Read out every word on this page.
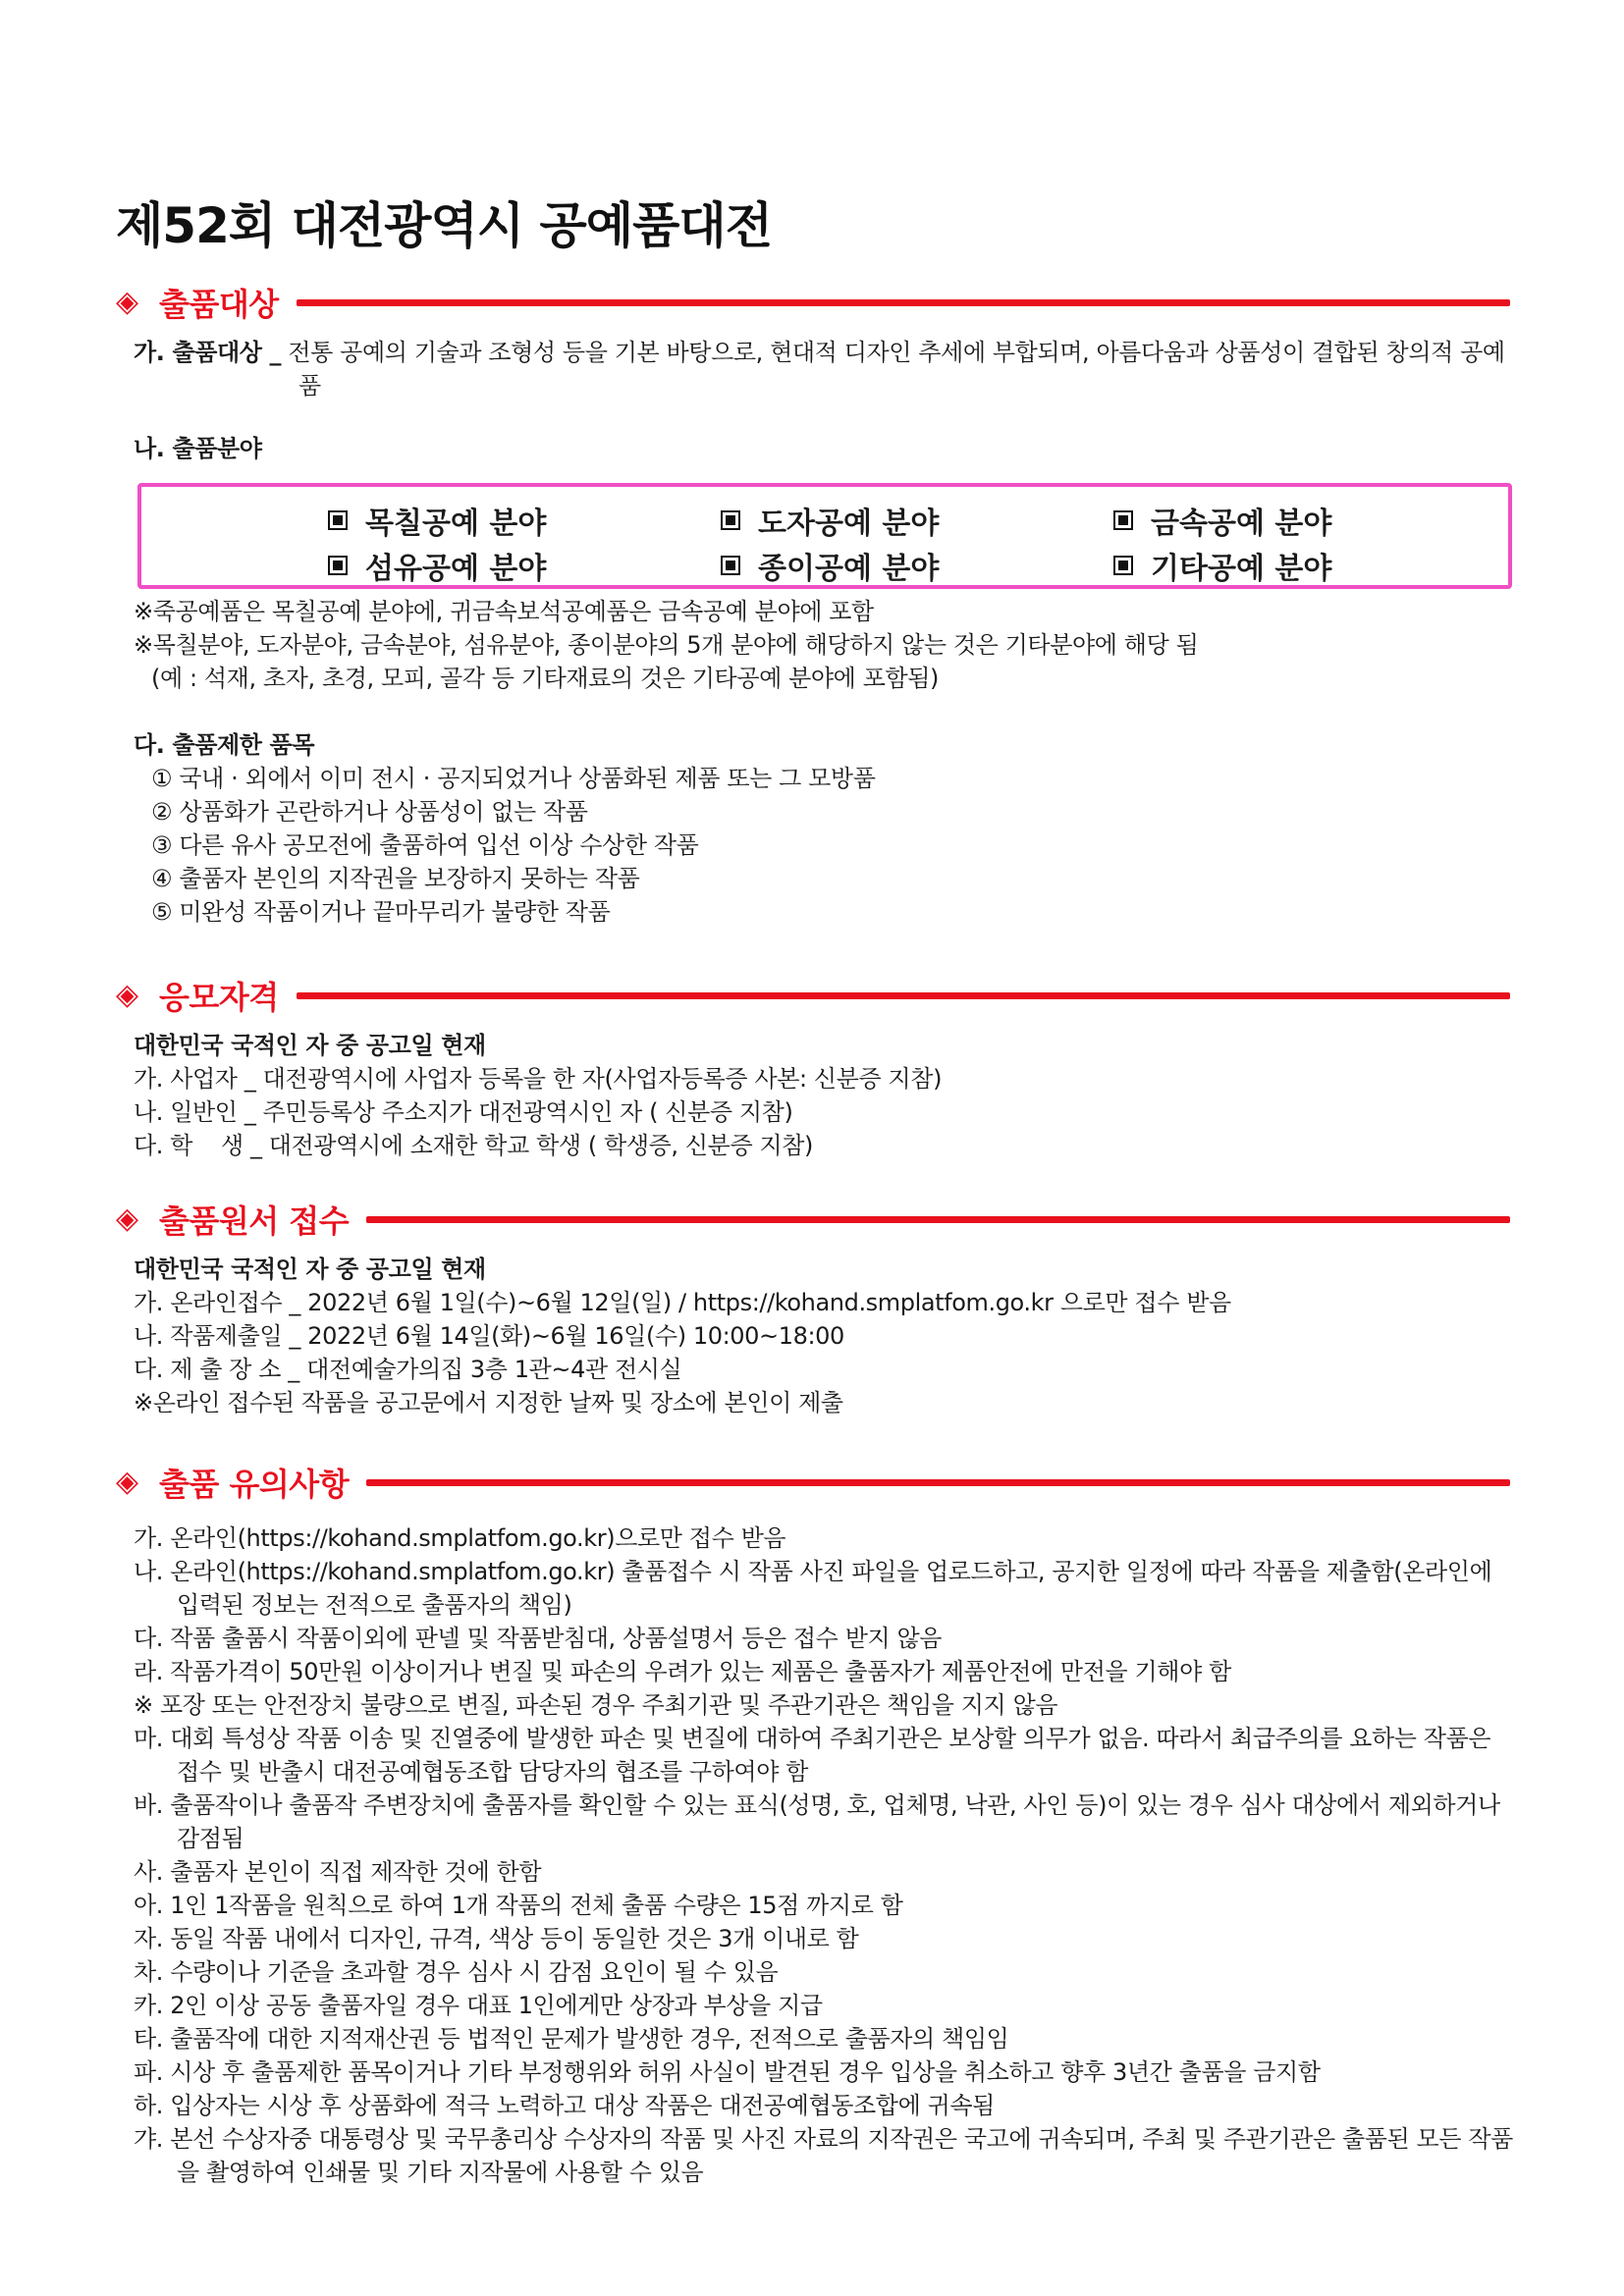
제52회 대전광역시 공예품대전
◈ 출품대상
가. 출품대상 _ 전통 공예의 기술과 조형성 등을 기본 바탕으로, 현대적 디자인 추세에 부합되며, 아름다움과 상품성이 결합된 창의적 공예품
나. 출품분야
목칠공예 분야	도자공예 분야	금속공예 분야
섬유공예 분야	종이공예 분야	기타공예 분야
※죽공예품은 목칠공예 분야에, 귀금속보석공예품은 금속공예 분야에 포함
※목칠분야, 도자분야, 금속분야, 섬유분야, 종이분야의 5개 분야에 해당하지 않는 것은 기타분야에 해당 됨
(예 : 석재, 초자, 초경, 모피, 골각 등 기타재료의 것은 기타공예 분야에 포함됨)
다. 출품제한 품목
① 국내 · 외에서 이미 전시 · 공지되었거나 상품화된 제품 또는 그 모방품
② 상품화가 곤란하거나 상품성이 없는 작품
③ 다른 유사 공모전에 출품하여 입선 이상 수상한 작품
④ 출품자 본인의 지작권을 보장하지 못하는 작품
⑤ 미완성 작품이거나 끝마무리가 불량한 작품
◈ 응모자격
대한민국 국적인 자 중 공고일 현재
가. 사업자 _ 대전광역시에 사업자 등록을 한 자(사업자등록증 사본: 신분증 지참)
나. 일반인 _ 주민등록상 주소지가 대전광역시인 자 ( 신분증 지참)
다. 학    생 _ 대전광역시에 소재한 학교 학생 ( 학생증, 신분증 지참)
◈ 출품원서 접수
대한민국 국적인 자 중 공고일 현재
가. 온라인접수 _ 2022년 6월 1일(수)~6월 12일(일) / https://kohand.smplatfom.go.kr 으로만 접수 받음
나. 작품제출일 _ 2022년 6월 14일(화)~6월 16일(수) 10:00~18:00
다. 제 출 장 소 _ 대전예술가의집 3층 1관~4관 전시실
※온라인 접수된 작품을 공고문에서 지정한 날짜 및 장소에 본인이 제출
◈ 출품 유의사항
가. 온라인(https://kohand.smplatfom.go.kr)으로만 접수 받음
나. 온라인(https://kohand.smplatfom.go.kr) 출품접수 시 작품 사진 파일을 업로드하고, 공지한 일정에 따라 작품을 제출함(온라인에 입력된 정보는 전적으로 출품자의 책임)
다. 작품 출품시 작품이외에 판넬 및 작품받침대, 상품설명서 등은 접수 받지 않음
라. 작품가격이 50만원 이상이거나 변질 및 파손의 우려가 있는 제품은 출품자가 제품안전에 만전을 기해야 함
※ 포장 또는 안전장치 불량으로 변질, 파손된 경우 주최기관 및 주관기관은 책임을 지지 않음
마. 대회 특성상 작품 이송 및 진열중에 발생한 파손 및 변질에 대하여 주최기관은 보상할 의무가 없음. 따라서 최급주의를 요하는 작품은 접수 및 반출시 대전공예협동조합 담당자의 협조를 구하여야 함
바. 출품작이나 출품작 주변장치에 출품자를 확인할 수 있는 표식(성명, 호, 업체명, 낙관, 사인 등)이 있는 경우 심사 대상에서 제외하거나 감점됨
사. 출품자 본인이 직접 제작한 것에 한함
아. 1인 1작품을 원칙으로 하여 1개 작품의 전체 출품 수량은 15점 까지로 함
자. 동일 작품 내에서 디자인, 규격, 색상 등이 동일한 것은 3개 이내로 함
차. 수량이나 기준을 초과할 경우 심사 시 감점 요인이 될 수 있음
카. 2인 이상 공동 출품자일 경우 대표 1인에게만 상장과 부상을 지급
타. 출품작에 대한 지적재산권 등 법적인 문제가 발생한 경우, 전적으로 출품자의 책임임
파. 시상 후 출품제한 품목이거나 기타 부정행위와 허위 사실이 발견된 경우 입상을 취소하고 향후 3년간 출품을 금지함
하. 입상자는 시상 후 상품화에 적극 노력하고 대상 작품은 대전공예협동조합에 귀속됨
갸. 본선 수상자중 대통령상 및 국무총리상 수상자의 작품 및 사진 자료의 지작권은 국고에 귀속되며, 주최 및 주관기관은 출품된 모든 작품을 촬영하여 인쇄물 및 기타 지작물에 사용할 수 있음
